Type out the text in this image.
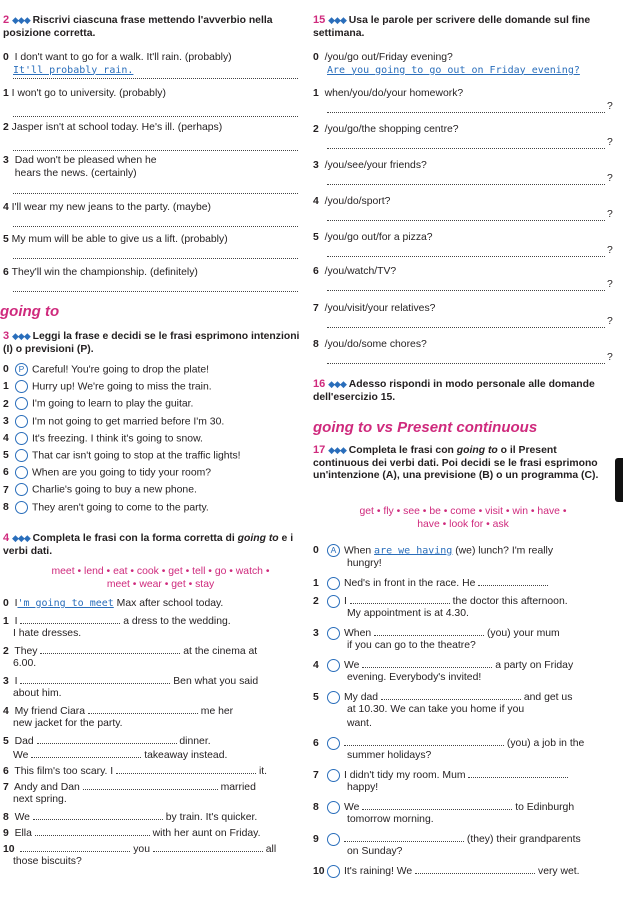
2 ◆◆◆ Riscrivi ciascuna frase mettendo l'avverbio nella posizione corretta.
0 I don't want to go for a walk. It'll rain. (probably)
It'll probably rain.
1 I won't go to university. (probably)
2 Jasper isn't at school today. He's ill. (perhaps)
3 Dad won't be pleased when he hears the news. (certainly)
4 I'll wear my new jeans to the party. (maybe)
5 My mum will be able to give us a lift. (probably)
6 They'll win the championship. (definitely)
going to
3 ◆◆◆ Leggi la frase e decidi se le frasi esprimono intenzioni (I) o previsioni (P).
0 P Careful! You're going to drop the plate!
1 Hurry up! We're going to miss the train.
2 I'm going to learn to play the guitar.
3 I'm not going to get married before I'm 30.
4 It's freezing. I think it's going to snow.
5 That car isn't going to stop at the traffic lights!
6 When are you going to tidy your room?
7 Charlie's going to buy a new phone.
8 They aren't going to come to the party.
4 ◆◆◆ Completa le frasi con la forma corretta di going to e i verbi dati.
meet • lend • eat • cook • get • tell • go • watch •
meet • wear • get • stay
0 I'm going to meet Max after school today.
1 I	a dress to the wedding.
I hate dresses.
2 They	at the cinema at
6.00.
3 I	Ben what you said
about him.
4 My friend Ciara	me her
new jacket for the party.
5 Dad	dinner.
We	takeaway instead.
6 This film's too scary. I	it.
7 Andy and Dan	married
next spring.
8 We	by train. It's quicker.
9 Ella	with her aunt on Friday.
10	you	all
those biscuits?
15 ◆◆◆ Usa le parole per scrivere delle domande sul fine settimana.
0 /you/go out/Friday evening?
Are you going to go out on Friday evening?
1 when/you/do/your homework?
?
2 /you/go/the shopping centre?
?
3 /you/see/your friends?
?
4 /you/do/sport?
?
5 /you/go out/for a pizza?
?
6 /you/watch/TV?
?
7 /you/visit/your relatives?
?
8 /you/do/some chores?
?
16 ◆◆◆ Adesso rispondi in modo personale alle domande dell'esercizio 15.
going to vs Present continuous
17 ◆◆◆ Completa le frasi con going to o il Present continuous dei verbi dati. Poi decidi se le frasi esprimono un'intenzione (A), una previsione (B) o un programma (C).
get • fly • see • be • come • visit • win • have •
have • look for • ask
0 A When are we having (we) lunch? I'm really
hungry!
1 Ned's in front in the race. He
2 I	the doctor this afternoon.
My appointment is at 4.30.
3 When	(you) your mum
if you can go to the theatre?
4 We	a party on Friday
evening. Everybody's invited!
5 My dad	and get us
at 10.30. We can take you home if you
want.
6	(you) a job in the
summer holidays?
7 I didn't tidy my room. Mum
happy!
8 We	to Edinburgh
tomorrow morning.
9	(they) their grandparents
on Sunday?
10 It's raining! We	very wet.
